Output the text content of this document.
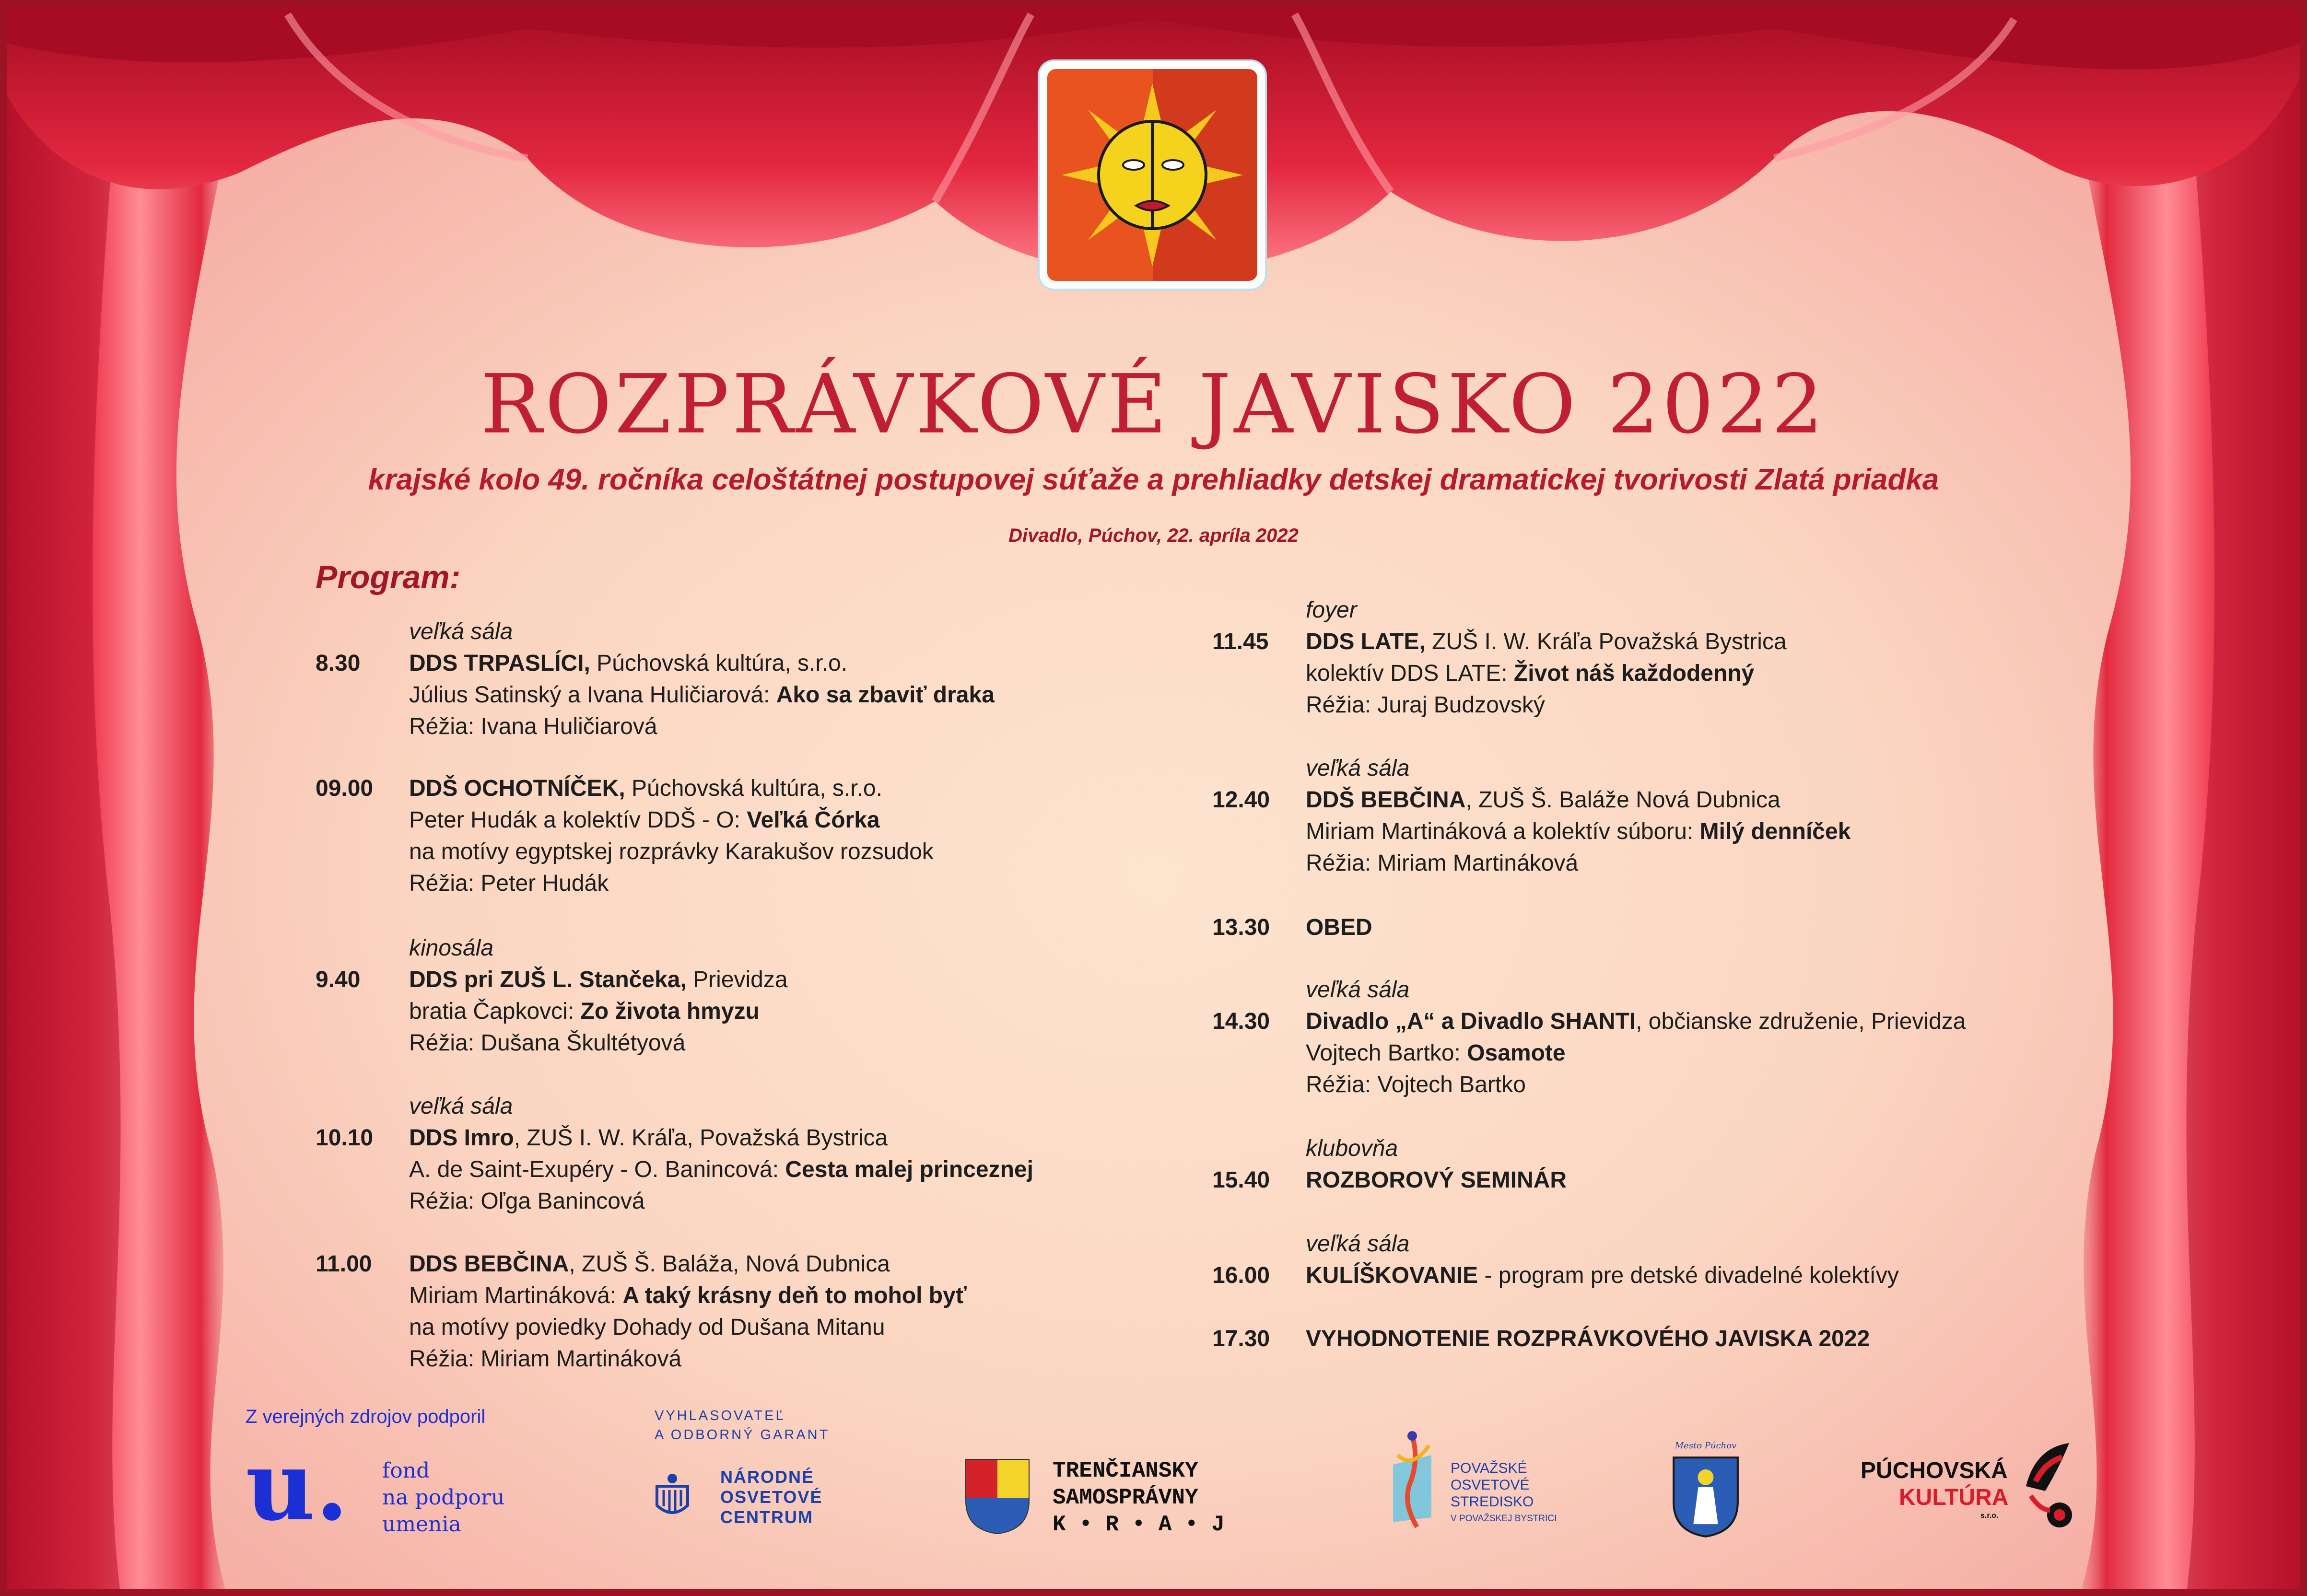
ROZPRÁVKOVÉ JAVISKO 2022
krajské kolo 49. ročníka celoštátnej postupovej súťaže a prehliadky detskej dramatickej tvorivosti Zlatá priadka
Divadlo, Púchov, 22. apríla 2022
Program:
veľká sála
8.30	DDS TRPASLÍCI, Púchovská kultúra, s.r.o.
Július Satinský a Ivana Huličiarová: Ako sa zbaviť draka
Réžia: Ivana Huličiarová
09.00	DDŠ OCHOTNÍČEK, Púchovská kultúra, s.r.o.
Peter Hudák a kolektív DDŠ - O: Veľká Čórka
na motívy egyptskej rozprávky Karakušov rozsudok
Réžia: Peter Hudák
kinosála
9.40	DDS pri ZUŠ L. Stančeka, Prievidza
bratia Čapkovci: Zo života hmyzu
Réžia: Dušana Škultétyová
veľká sála
10.10	DDS Imro, ZUŠ I. W. Kráľa, Považská Bystrica
A. de Saint-Exupéry - O. Banincová: Cesta malej princeznej
Réžia: Oľga Banincová
11.00	DDS BEBČINA, ZUŠ Š. Baláža, Nová Dubnica
Miriam Martináková: A taký krásny deň to mohol byť
na motívy poviedky Dohady od Dušana Mitanu
Réžia: Miriam Martináková
foyer
11.45	DDS LATE, ZUŠ I. W. Kráľa Považská Bystrica
kolektív DDS LATE: Život náš každodenný
Réžia: Juraj Budzovský
veľká sála
12.40	DDŠ BEBČINA, ZUŠ Š. Baláže Nová Dubnica
Miriam Martináková a kolektív súboru: Milý denníček
Réžia: Miriam Martináková
13.30	OBED
veľká sála
14.30	Divadlo „A“ a Divadlo SHANTI, občianske združenie, Prievidza
Vojtech Bartko: Osamote
Réžia: Vojtech Bartko
klubovňa
15.40	ROZBOROVÝ SEMINÁR
veľká sála
16.00	KULÍŠKOVANIE - program pre detské divadelné kolektívy
17.30	VYHODNOTENIE ROZPRÁVKOVÉHO JAVISKA 2022
Z verejných zdrojov podporil
u. fond
na podporu
umenia
VYHLASOVATEĽ
A ODBORNÝ GARANT
NÁRODNÉ
OSVETOVÉ
CENTRUM
TRENČIANSKY
SAMOSPRÁVNY
K • R • A • J
POVAŽSKÉ
OSVETOVÉ
STREDISKO
V POVAŽSKEJ BYSTRICI
Mesto Púchov
PÚCHOVSKÁ
KULTÚRA
s.r.o.
